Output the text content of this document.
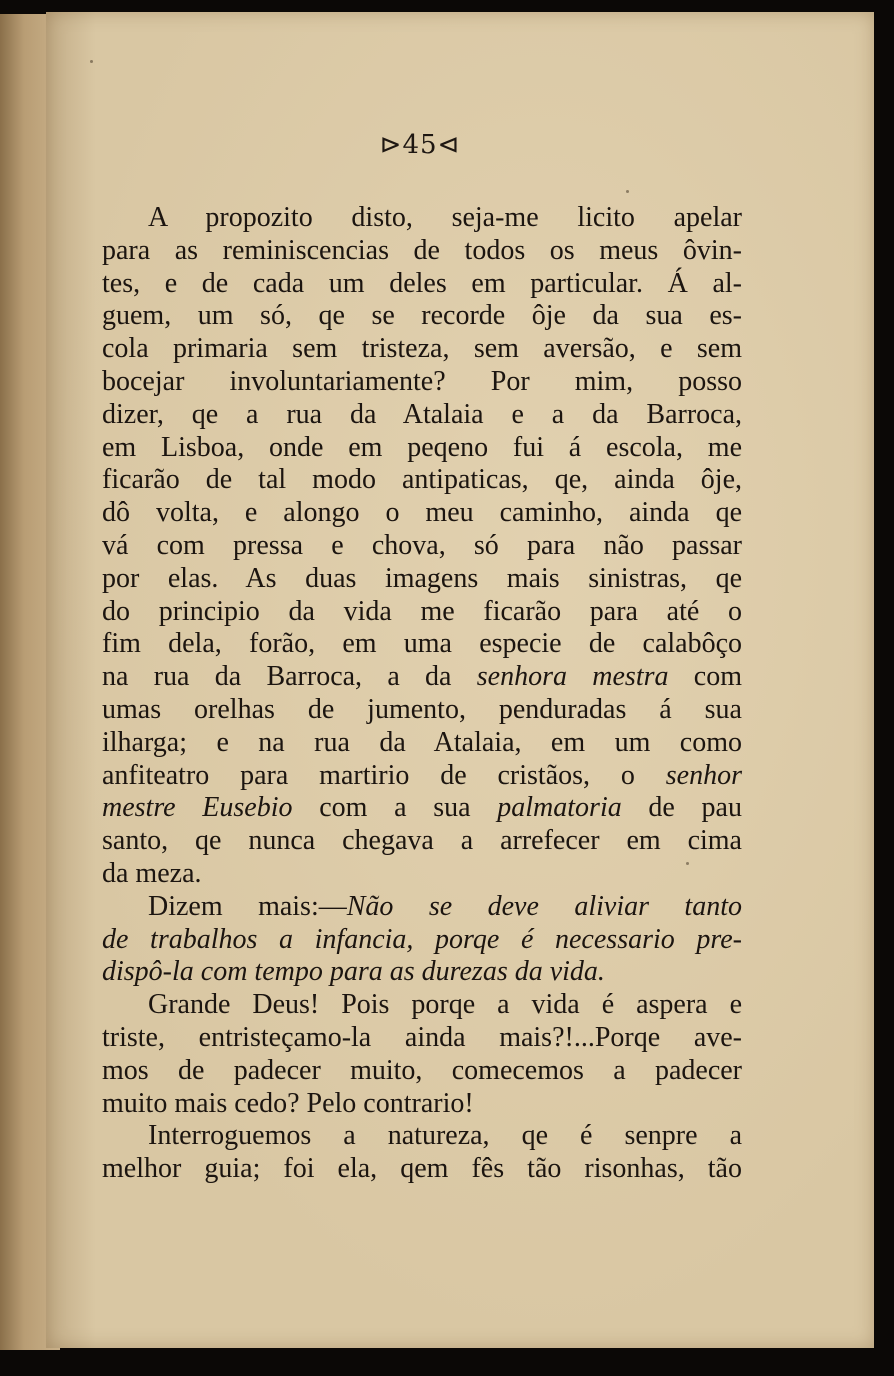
⊳45⊲
A propozito disto, seja-me licito apelar
para as reminiscencias de todos os meus ôvin-
tes, e de cada um deles em particular. Á al-
guem, um só, qe se recorde ôje da sua es-
cola primaria sem tristeza, sem aversão, e sem
bocejar involuntariamente? Por mim, posso
dizer, qe a rua da Atalaia e a da Barroca,
em Lisboa, onde em peqeno fui á escola, me
ficarão de tal modo antipaticas, qe, ainda ôje,
dô volta, e alongo o meu caminho, ainda qe
vá com pressa e chova, só para não passar
por elas. As duas imagens mais sinistras, qe
do principio da vida me ficarão para até o
fim dela, forão, em uma especie de calabôço
na rua da Barroca, a da senhora mestra com
umas orelhas de jumento, penduradas á sua
ilharga; e na rua da Atalaia, em um como
anfiteatro para martirio de cristãos, o senhor
mestre Eusebio com a sua palmatoria de pau
santo, qe nunca chegava a arrefecer em cima
da meza.
Dizem mais:—Não se deve aliviar tanto
de trabalhos a infancia, porqe é necessario pre-
dispô-la com tempo para as durezas da vida.
Grande Deus! Pois porqe a vida é aspera e
triste, entristeçamo-la ainda mais?!...Porqe ave-
mos de padecer muito, comecemos a padecer
muito mais cedo? Pelo contrario!
Interroguemos a natureza, qe é senpre a
melhor guia; foi ela, qem fês tão risonhas, tão
